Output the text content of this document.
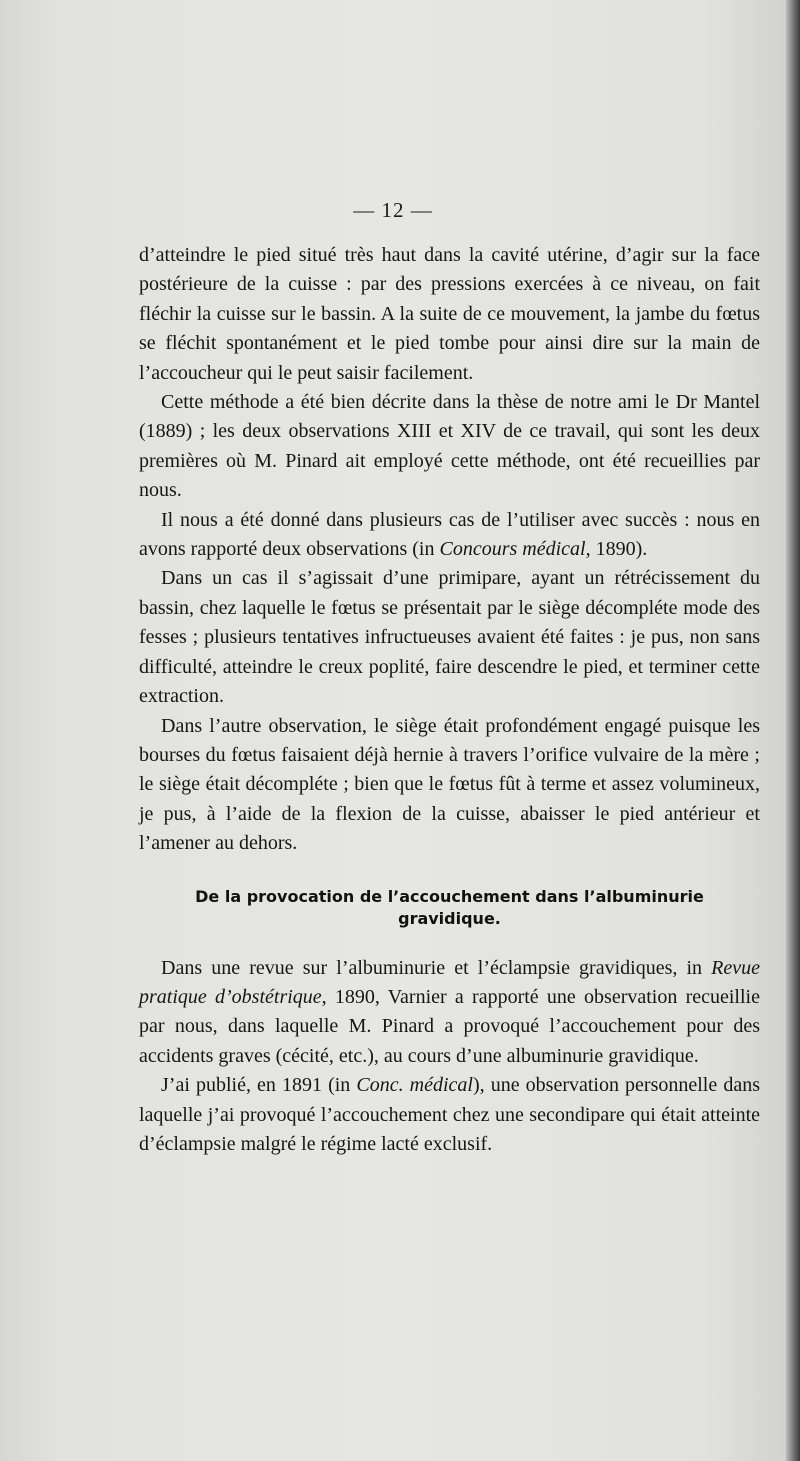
— 12 —

d’atteindre le pied situé très haut dans la cavité utérine, d’agir sur la face postérieure de la cuisse : par des pressions exercées à ce niveau, on fait fléchir la cuisse sur le bassin. A la suite de ce mouvement, la jambe du fœtus se fléchit spontanément et le pied tombe pour ainsi dire sur la main de l’accoucheur qui le peut saisir facilement.

Cette méthode a été bien décrite dans la thèse de notre ami le Dr Mantel (1889) ; les deux observations XIII et XIV de ce travail, qui sont les deux premières où M. Pinard ait employé cette méthode, ont été recueillies par nous.

Il nous a été donné dans plusieurs cas de l’utiliser avec succès : nous en avons rapporté deux observations (in Concours médical, 1890).

Dans un cas il s’agissait d’une primipare, ayant un rétrécissement du bassin, chez laquelle le fœtus se présentait par le siège décompléte mode des fesses ; plusieurs tentatives infructueuses avaient été faites : je pus, non sans difficulté, atteindre le creux poplité, faire descendre le pied, et terminer cette extraction.

Dans l’autre observation, le siège était profondément engagé puisque les bourses du fœtus faisaient déjà hernie à travers l’orifice vulvaire de la mère ; le siège était décompléte ; bien que le fœtus fût à terme et assez volumineux, je pus, à l’aide de la flexion de la cuisse, abaisser le pied antérieur et l’amener au dehors.

De la provocation de l’accouchement dans l’albuminurie
gravidique.

Dans une revue sur l’albuminurie et l’éclampsie gravidiques, in Revue pratique d’obstétrique, 1890, Varnier a rapporté une observation recueillie par nous, dans laquelle M. Pinard a provoqué l’accouchement pour des accidents graves (cécité, etc.), au cours d’une albuminurie gravidique.

J’ai publié, en 1891 (in Conc. médical), une observation personnelle dans laquelle j’ai provoqué l’accouchement chez une secondipare qui était atteinte d’éclampsie malgré le régime lacté exclusif.
